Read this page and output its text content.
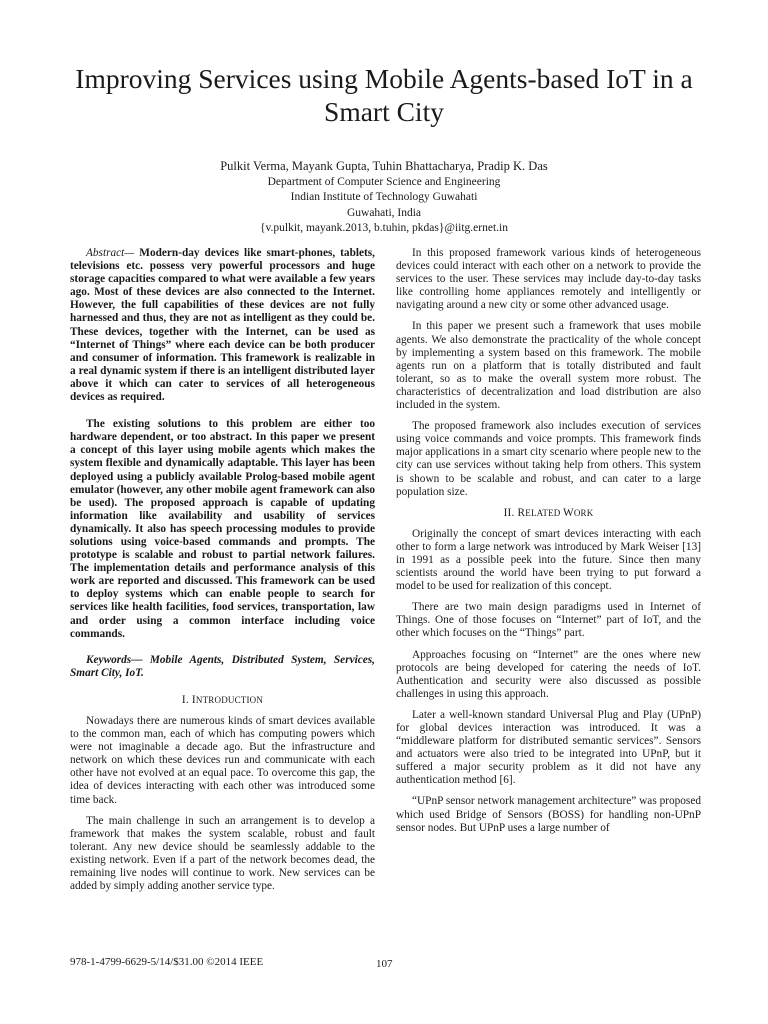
Improving Services using Mobile Agents-based IoT in a Smart City

Pulkit Verma, Mayank Gupta, Tuhin Bhattacharya, Pradip K. Das

Department of Computer Science and Engineering
Indian Institute of Technology Guwahati
Guwahati, India
{v.pulkit, mayank.2013, b.tuhin, pkdas}@iitg.ernet.in

Abstract— Modern-day devices like smart-phones, tablets, televisions etc. possess very powerful processors and huge storage capacities compared to what were available a few years ago. Most of these devices are also connected to the Internet. However, the full capabilities of these devices are not fully harnessed and thus, they are not as intelligent as they could be. These devices, together with the Internet, can be used as “Internet of Things” where each device can be both producer and consumer of information. This framework is realizable in a real dynamic system if there is an intelligent distributed layer above it which can cater to services of all heterogeneous devices as required.

The existing solutions to this problem are either too hardware dependent, or too abstract. In this paper we present a concept of this layer using mobile agents which makes the system flexible and dynamically adaptable. This layer has been deployed using a publicly available Prolog-based mobile agent emulator (however, any other mobile agent framework can also be used). The proposed approach is capable of updating information like availability and usability of services dynamically. It also has speech processing modules to provide solutions using voice-based commands and prompts. The prototype is scalable and robust to partial network failures. The implementation details and performance analysis of this work are reported and discussed. This framework can be used to deploy systems which can enable people to search for services like health facilities, food services, transportation, law and order using a common interface including voice commands.

Keywords— Mobile Agents, Distributed System, Services, Smart City, IoT.

I. INTRODUCTION

Nowadays there are numerous kinds of smart devices available to the common man, each of which has computing powers which were not imaginable a decade ago. But the infrastructure and network on which these devices run and communicate with each other have not evolved at an equal pace. To overcome this gap, the idea of devices interacting with each other was introduced some time back.

The main challenge in such an arrangement is to develop a framework that makes the system scalable, robust and fault tolerant. Any new device should be seamlessly addable to the existing network. Even if a part of the network becomes dead, the remaining live nodes will continue to work. New services can be added by simply adding another service type.

In this proposed framework various kinds of heterogeneous devices could interact with each other on a network to provide the services to the user. These services may include day-to-day tasks like controlling home appliances remotely and intelligently or navigating around a new city or some other advanced usage.

In this paper we present such a framework that uses mobile agents. We also demonstrate the practicality of the whole concept by implementing a system based on this framework. The mobile agents run on a platform that is totally distributed and fault tolerant, so as to make the overall system more robust. The characteristics of decentralization and load distribution are also included in the system.

The proposed framework also includes execution of services using voice commands and voice prompts. This framework finds major applications in a smart city scenario where people new to the city can use services without taking help from others. This system is shown to be scalable and robust, and can cater to a large population size.

II. RELATED WORK

Originally the concept of smart devices interacting with each other to form a large network was introduced by Mark Weiser [13] in 1991 as a possible peek into the future. Since then many scientists around the world have been trying to put forward a model to be used for realization of this concept.

There are two main design paradigms used in Internet of Things. One of those focuses on “Internet” part of IoT, and the other which focuses on the “Things” part.

Approaches focusing on “Internet” are the ones where new protocols are being developed for catering the needs of IoT. Authentication and security were also discussed as possible challenges in using this approach.

Later a well-known standard Universal Plug and Play (UPnP) for global devices interaction was introduced. It was a “middleware platform for distributed semantic services”. Sensors and actuators were also tried to be integrated into UPnP, but it suffered a major security problem as it did not have any authentication method [6].

“UPnP sensor network management architecture” was proposed which used Bridge of Sensors (BOSS) for handling non-UPnP sensor nodes. But UPnP uses a large number of

978-1-4799-6629-5/14/$31.00 ©2014 IEEE	107
